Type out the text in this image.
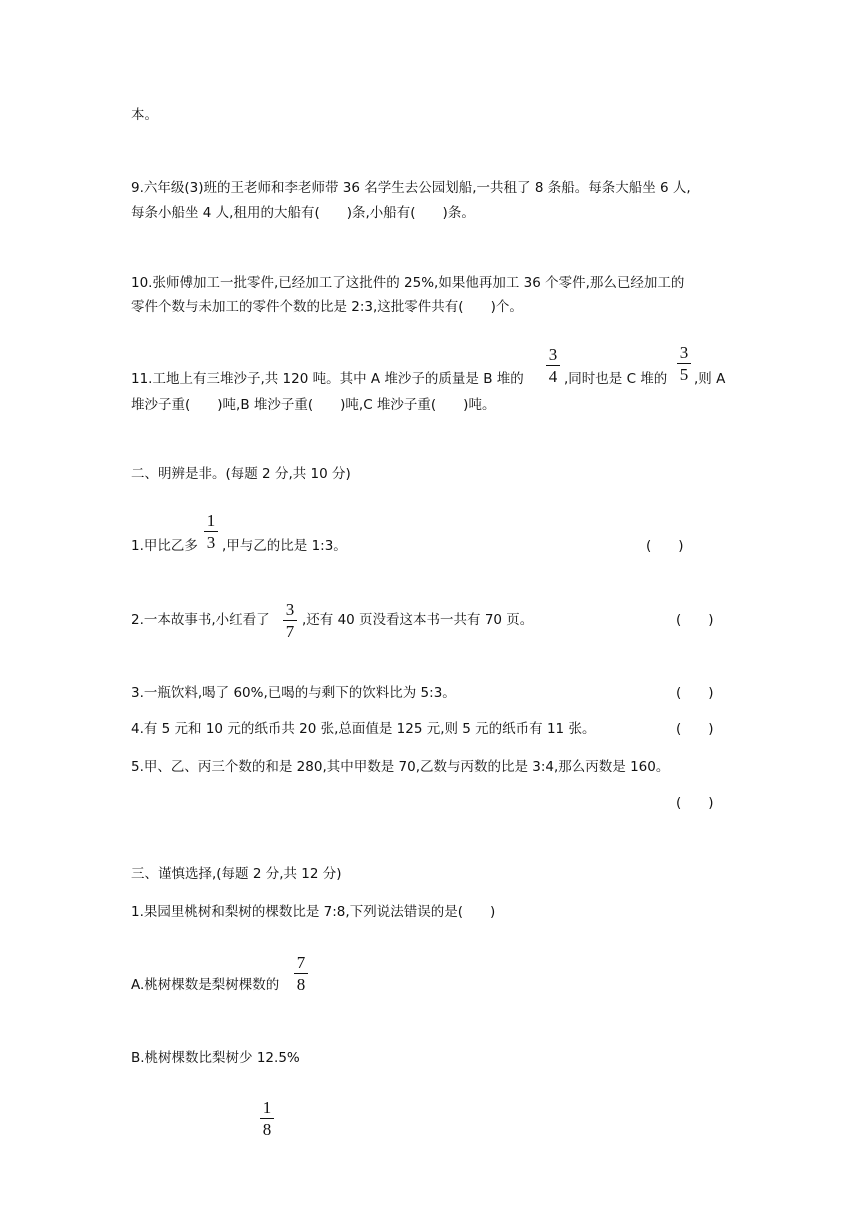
本。
9.六年级(3)班的王老师和李老师带 36 名学生去公园划船,一共租了 8 条船。每条大船坐 6 人,
每条小船坐 4 人,租用的大船有(  )条,小船有(  )条。
10.张师傅加工一批零件,已经加工了这批件的 25%,如果他再加工 36 个零件,那么已经加工的
零件个数与未加工的零件个数的比是 2:3,这批零件共有(  )个。
11.工地上有三堆沙子,共 120 吨。其中 A 堆沙子的质量是 B 堆的
3
4 ,同时也是 C 堆的
3
5 ,则 A
堆沙子重(  )吨,B 堆沙子重(  )吨,C 堆沙子重(  )吨。
二、明辨是非。(每题 2 分,共 10 分)
1.甲比乙多
1
3 ,甲与乙的比是 1:3。	(  )
2.一本故事书,小红看了
3
7
,还有 40 页没看这本书一共有 70 页。	(  )
3.一瓶饮料,喝了 60%,已喝的与剩下的饮料比为 5:3。	(  )
4.有 5 元和 10 元的纸币共 20 张,总面值是 125 元,则 5 元的纸币有 11 张。	(  )
5.甲、乙、丙三个数的和是 280,其中甲数是 70,乙数与丙数的比是 3:4,那么丙数是 160。
(  )
三、谨慎选择,(每题 2 分,共 12 分)
1.果园里桃树和梨树的棵数比是 7:8,下列说法错误的是(  )
A.桃树棵数是梨树棵数的
7
8
B.桃树棵数比梨树少 12.5%
1
8
